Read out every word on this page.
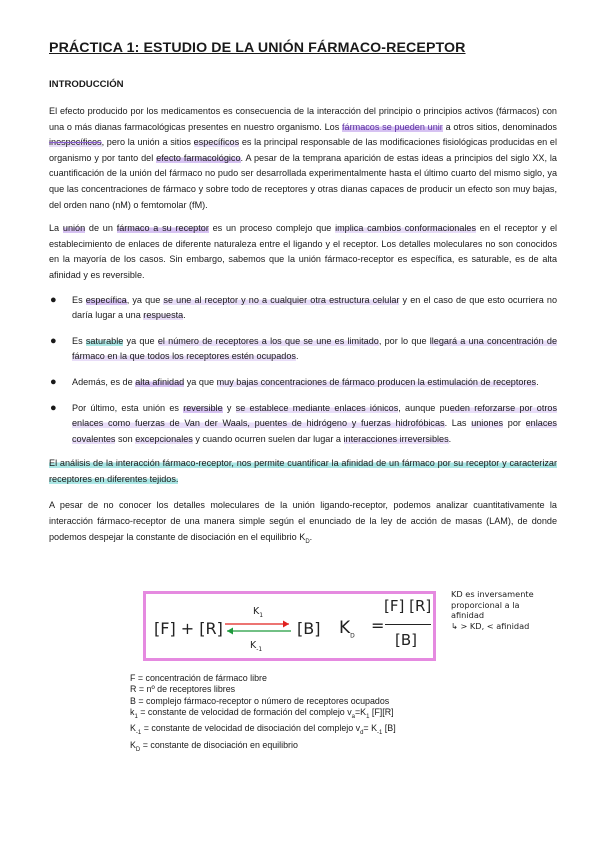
PRÁCTICA 1: ESTUDIO DE LA UNIÓN FÁRMACO-RECEPTOR
INTRODUCCIÓN

El efecto producido por los medicamentos es consecuencia de la interacción del principio o principios activos (fármacos) con una o más dianas farmacológicas presentes en nuestro organismo. Los fármacos se pueden unir a otros sitios, denominados inespecíficos, pero la unión a sitios específicos es la principal responsable de las modificaciones fisiológicas producidas en el organismo y por tanto del efecto farmacológico. A pesar de la temprana aparición de estas ideas a principios del siglo XX, la cuantificación de la unión del fármaco no pudo ser desarrollada experimentalmente hasta el último cuarto del mismo siglo, ya que las concentraciones de fármaco y sobre todo de receptores y otras dianas capaces de producir un efecto son muy bajas, del orden nano (nM) o femtomolar (fM).

La unión de un fármaco a su receptor es un proceso complejo que implica cambios conformacionales en el receptor y el establecimiento de enlaces de diferente naturaleza entre el ligando y el receptor. Los detalles moleculares no son conocidos en la mayoría de los casos. Sin embargo, sabemos que la unión fármaco-receptor es específica, es saturable, es de alta afinidad y es reversible.

● Es específica, ya que se une al receptor y no a cualquier otra estructura celular y en el caso de que esto ocurriera no daría lugar a una respuesta.
● Es saturable ya que el número de receptores a los que se une es limitado, por lo que llegará a una concentración de fármaco en la que todos los receptores estén ocupados.
● Además, es de alta afinidad ya que muy bajas concentraciones de fármaco producen la estimulación de receptores.
● Por último, esta unión es reversible y se establece mediante enlaces iónicos, aunque pueden reforzarse por otros enlaces como fuerzas de Van der Waals, puentes de hidrógeno y fuerzas hidrofóbicas. Las uniones por enlaces covalentes son excepcionales y cuando ocurren suelen dar lugar a interacciones irreversibles.

El análisis de la interacción fármaco-receptor, nos permite cuantificar la afinidad de un fármaco por su receptor y caracterizar receptores en diferentes tejidos.

A pesar de no conocer los detalles moleculares de la unión ligando-receptor, podemos analizar cuantitativamente la interacción fármaco-receptor de una manera simple según el enunciado de la ley de acción de masas (LAM), de donde podemos despejar la constante de disociación en el equilibrio $K_D$.

[F] + [R]
$K_1$
$K_{-1}$
[B] $K_D$
=
[F] [R]
[B]
KD es inversamente
proporcional a la
afinidad
↳ > KD, < afinidad
F = concentración de fármaco libre
R = nº de receptores libres
B = complejo fármaco-receptor o número de receptores ocupados
$k_1$ = constante de velocidad de formación del complejo $v_a=K_1$ [F][R]
$K_{-1}$ = constante de velocidad de disociación del complejo $v_d= K_{-1}$ [B]
$K_D$ = constante de disociación en equilibrio
